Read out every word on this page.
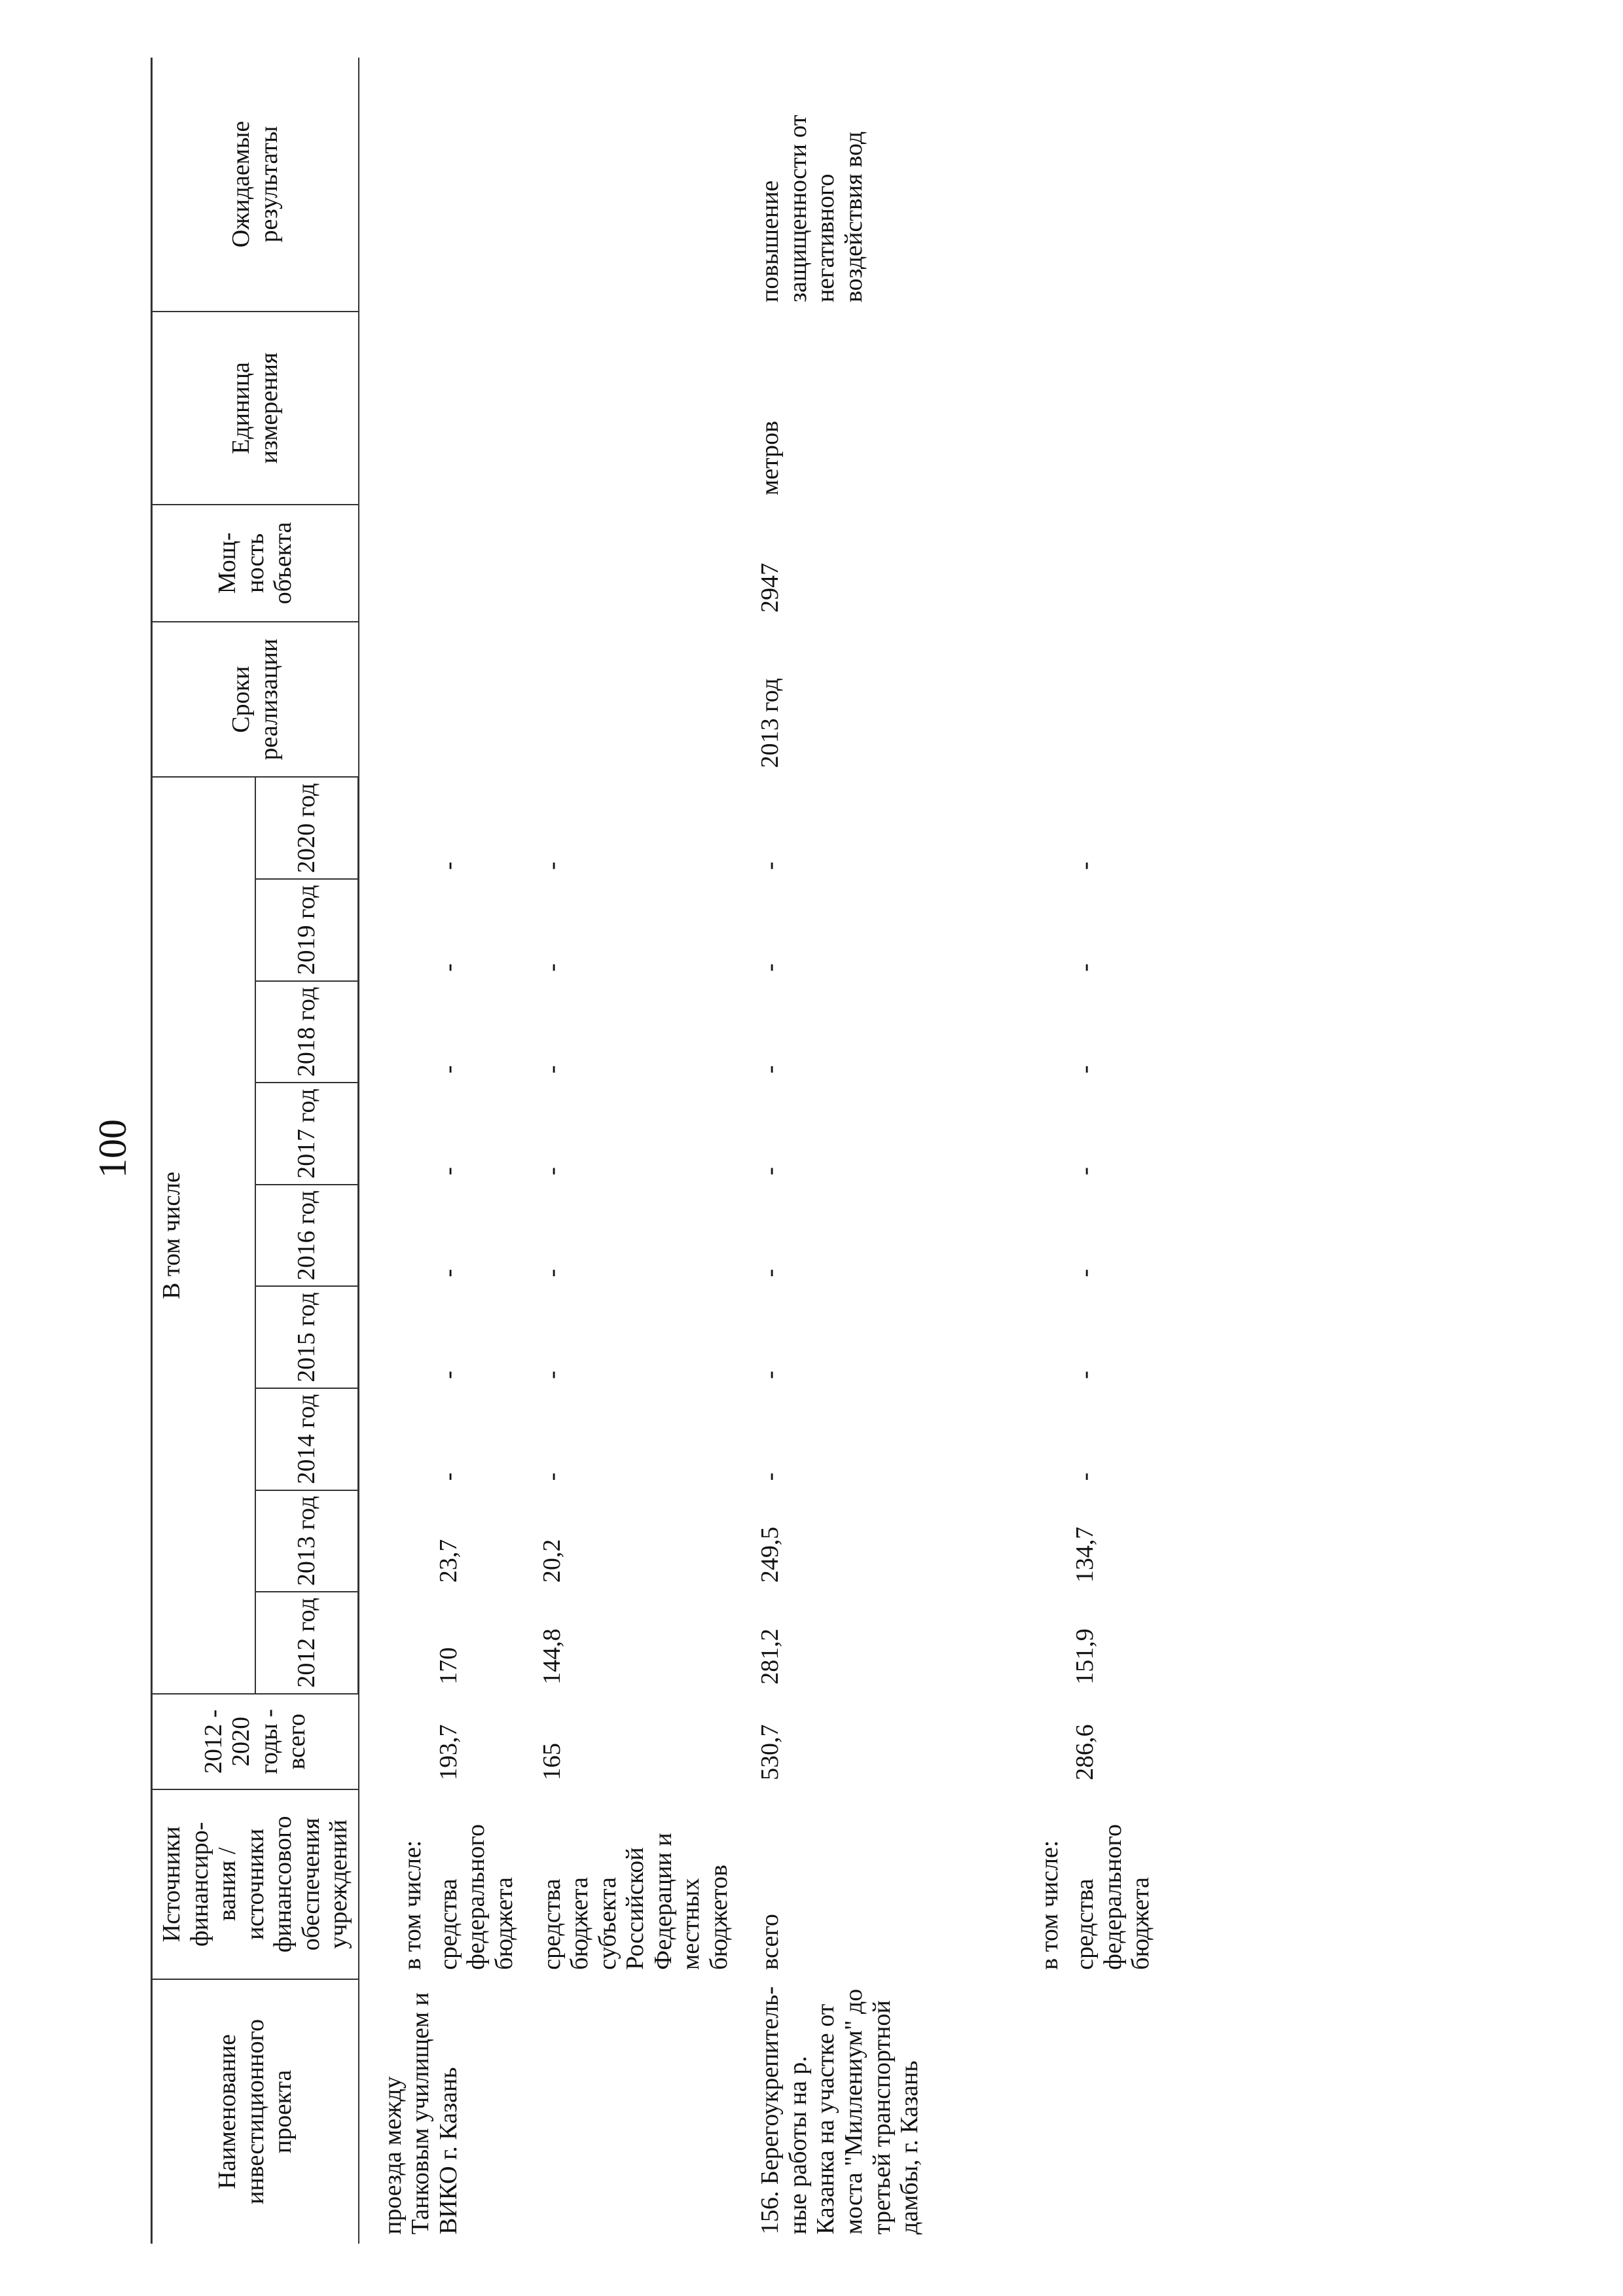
100
Наименование инвестиционного проекта	Источники финансиро-вания / источники финансового обеспечения учреждений	2012 - 2020 годы - всего	В том числе									Сроки реализации	Мощ-ность объекта	Единица измерения	Ожидаемые результаты
			2012 год	2013 год	2014 год	2015 год	2016 год	2017 год	2018 год	2019 год	2020 год				
проезда между Танковым училищем и ВИКО г. Казань	в том числе:														
	средства федерального бюджета	193,7	170	23,7	-	-	-	-	-	-	-				
	средства бюджета субъекта Российской Федерации и местных бюджетов	165	144,8	20,2	-	-	-	-	-	-	-				
156. Берегоукрепитель-ные работы на р. Казанка на участке от моста "Миллениум" до третьей транспортной дамбы, г. Казань	всего	530,7	281,2	249,5	-	-	-	-	-	-	-	2013 год	2947	метров	повышение защищенности от негативного воздействия вод
	в том числе:														
	средства федерального бюджета	286,6	151,9	134,7	-	-	-	-	-	-	-				
